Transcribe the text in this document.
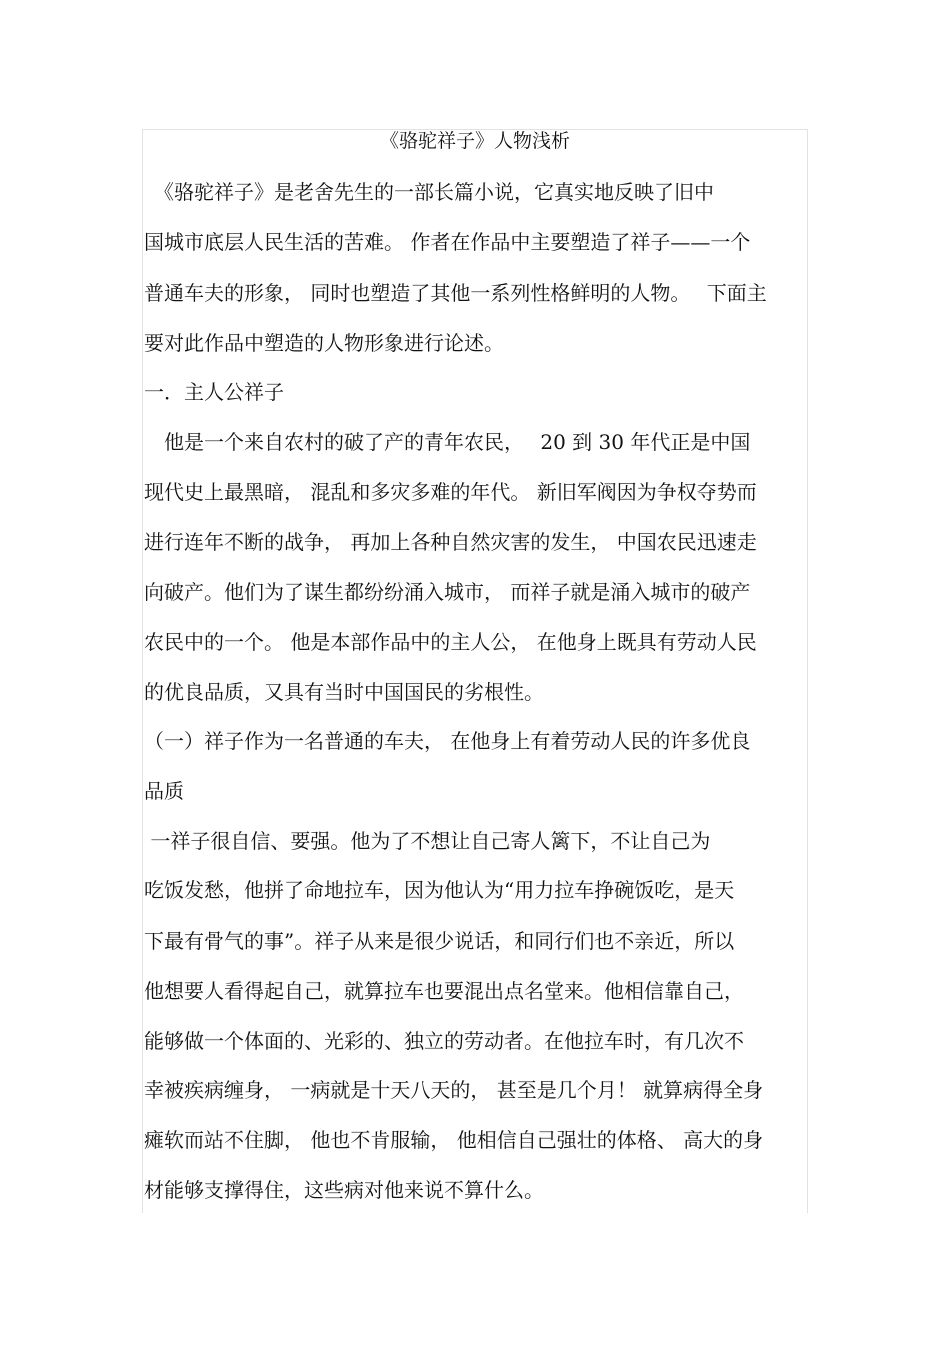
《骆驼祥子》人物浅析
　《骆驼祥子》是老舍先生的一部长篇小说，它真实地反映了旧中
国城市底层人民生活的苦难。 作者在作品中主要塑造了祥子——一个
普通车夫的形象， 同时也塑造了其他一系列性格鲜明的人物。　 下面主
要对此作品中塑造的人物形象进行论述。
一．主人公祥子
　他是一个来自农村的破了产的青年农民，　 20 到 30 年代正是中国
现代史上最黑暗， 混乱和多灾多难的年代。 新旧军阀因为争权夺势而
进行连年不断的战争， 再加上各种自然灾害的发生， 中国农民迅速走
向破产。他们为了谋生都纷纷涌入城市， 而祥子就是涌入城市的破产
农民中的一个。 他是本部作品中的主人公， 在他身上既具有劳动人民
的优良品质，又具有当时中国国民的劣根性。
（一）祥子作为一名普通的车夫， 在他身上有着劳动人民的许多优良
品质
一祥子很自信、要强。他为了不想让自己寄人篱下，不让自己为
吃饭发愁，他拼了命地拉车，因为他认为“用力拉车挣碗饭吃，是天
下最有骨气的事”。祥子从来是很少说话，和同行们也不亲近，所以
他想要人看得起自己，就算拉车也要混出点名堂来。他相信靠自己，
能够做一个体面的、光彩的、独立的劳动者。在他拉车时，有几次不
幸被疾病缠身， 一病就是十天八天的， 甚至是几个月！ 就算病得全身
瘫软而站不住脚， 他也不肯服输， 他相信自己强壮的体格、 高大的身
材能够支撑得住，这些病对他来说不算什么。
